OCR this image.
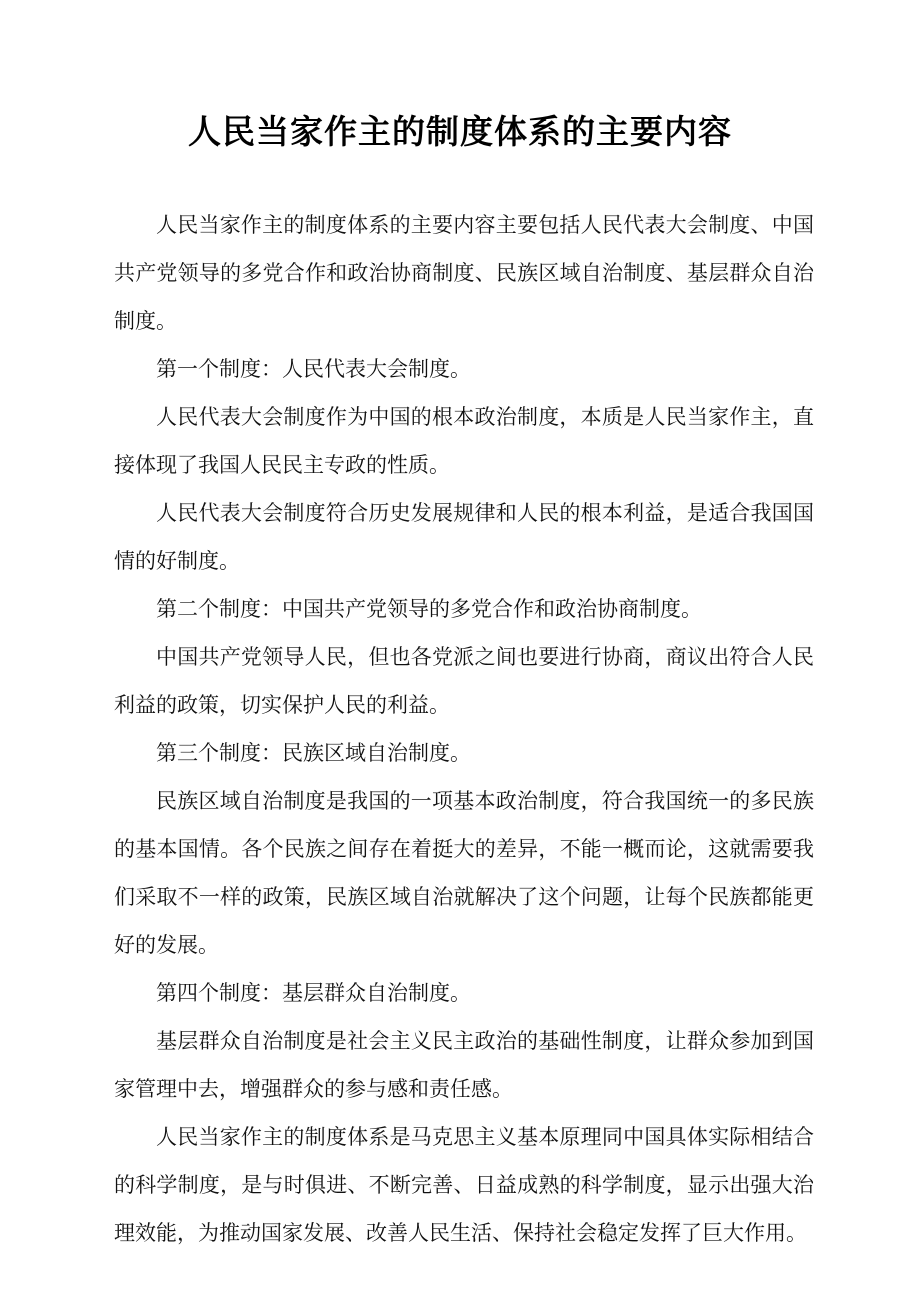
人民当家作主的制度体系的主要内容

人民当家作主的制度体系的主要内容主要包括人民代表大会制度、中国共产党领导的多党合作和政治协商制度、民族区域自治制度、基层群众自治制度。

第一个制度：人民代表大会制度。

人民代表大会制度作为中国的根本政治制度，本质是人民当家作主，直接体现了我国人民民主专政的性质。

人民代表大会制度符合历史发展规律和人民的根本利益，是适合我国国情的好制度。

第二个制度：中国共产党领导的多党合作和政治协商制度。

中国共产党领导人民，但也各党派之间也要进行协商，商议出符合人民利益的政策，切实保护人民的利益。

第三个制度：民族区域自治制度。

民族区域自治制度是我国的一项基本政治制度，符合我国统一的多民族的基本国情。各个民族之间存在着挺大的差异，不能一概而论，这就需要我们采取不一样的政策，民族区域自治就解决了这个问题，让每个民族都能更好的发展。

第四个制度：基层群众自治制度。

基层群众自治制度是社会主义民主政治的基础性制度，让群众参加到国家管理中去，增强群众的参与感和责任感。

人民当家作主的制度体系是马克思主义基本原理同中国具体实际相结合的科学制度，是与时俱进、不断完善、日益成熟的科学制度，显示出强大治理效能，为推动国家发展、改善人民生活、保持社会稳定发挥了巨大作用。
